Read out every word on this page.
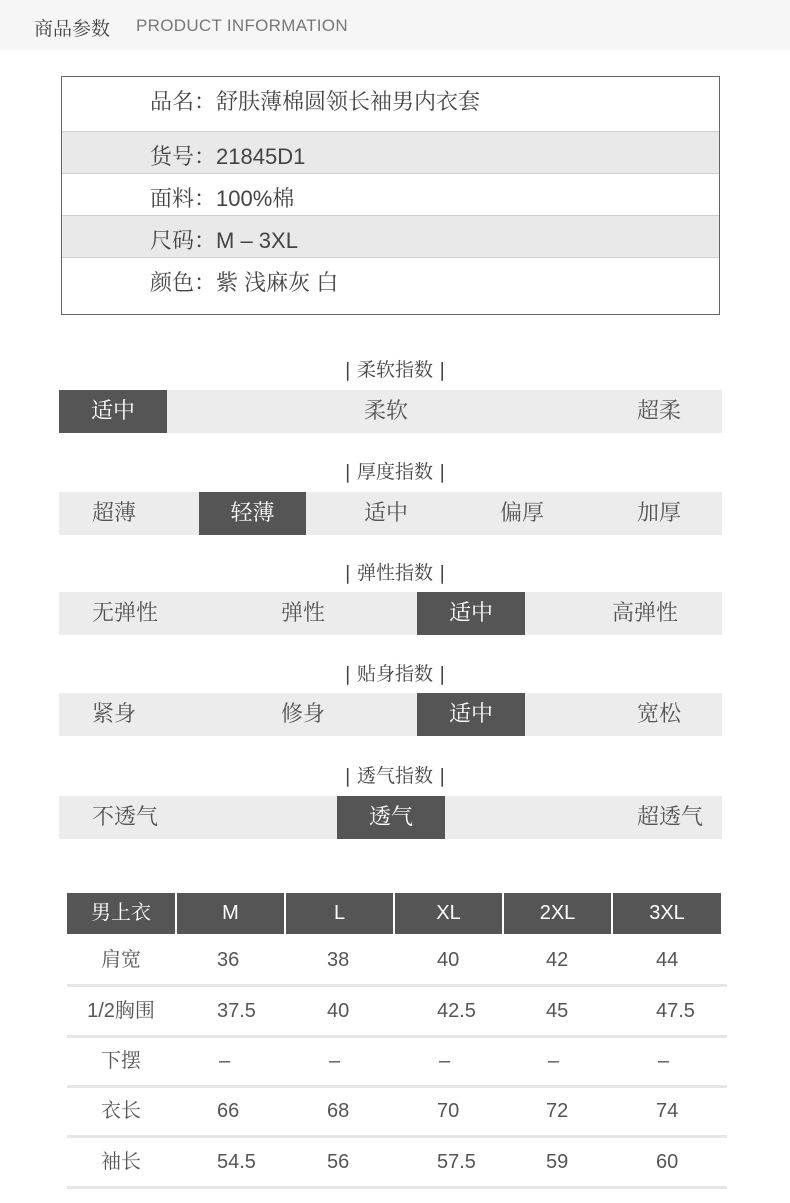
商品参数 PRODUCT INFORMATION
品名：舒肤薄棉圆领长袖男内衣套
货号：21845D1
面料：100%棉
尺码：M – 3XL
颜色：紫 浅麻灰 白
| 柔软指数 |
适中	柔软	超柔
| 厚度指数 |
超薄	轻薄	适中	偏厚	加厚
| 弹性指数 |
无弹性	弹性	适中	高弹性
| 贴身指数 |
紧身	修身	适中	宽松
| 透气指数 |
不透气	透气	超透气
男上衣	M	L	XL	2XL	3XL
肩宽	36	38	40	42	44
1/2胸围	37.5	40	42.5	45	47.5
下摆	–	–	–	–	–
衣长	66	68	70	72	74
袖长	54.5	56	57.5	59	60
